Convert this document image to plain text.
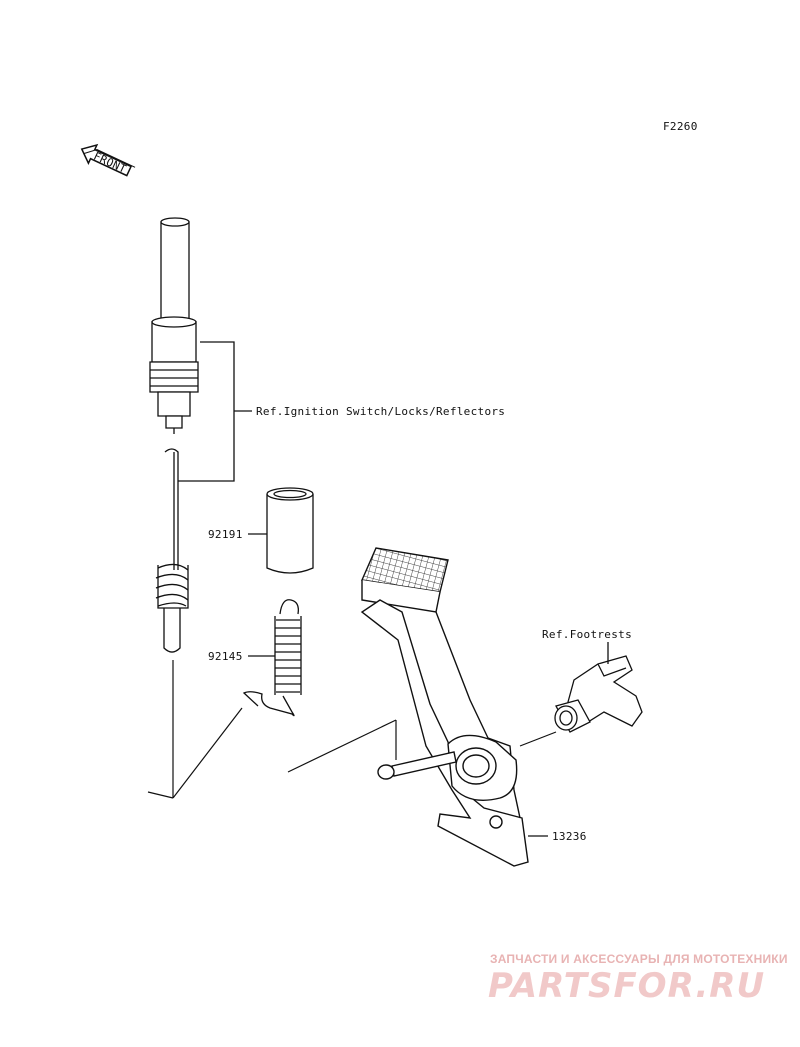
F2260
FRONT
Ref.Ignition Switch/Locks/Reflectors
92191
92145
13236
Ref.Footrests
ЗАПЧАСТИ И АКСЕССУАРЫ ДЛЯ МОТОТЕХНИКИ
PARTSFOR.RU
